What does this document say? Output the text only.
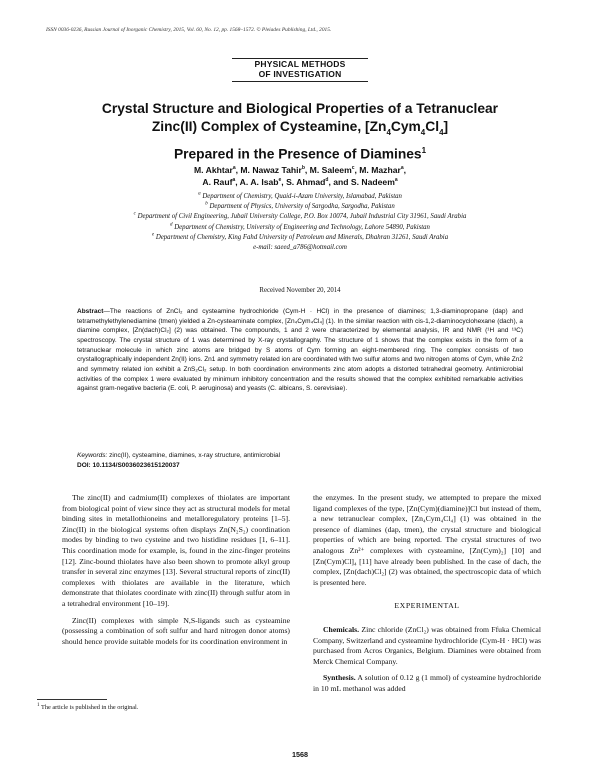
ISSN 0036-0236, Russian Journal of Inorganic Chemistry, 2015, Vol. 60, No. 12, pp. 1568–1572. © Pleiades Publishing, Ltd., 2015.
PHYSICAL METHODS
OF INVESTIGATION
Crystal Structure and Biological Properties of a Tetranuclear
Zinc(II) Complex of Cysteamine, $[Zn_4Cym_4Cl_4]$
Prepared in the Presence of Diamines$^1$
M. Akhtar$^a$, M. Nawaz Tahir$^b$, M. Saleem$^c$, M. Mazhar$^a$,
A. Rauf$^a$, A. A. Isab$^e$, S. Ahmad$^d$, and S. Nadeem$^a$
$^a$ Department of Chemistry, Quaid-i-Azam University, Islamabad, Pakistan
$^b$ Department of Physics, University of Sargodha, Sargodha, Pakistan
$^c$ Department of Civil Engineering, Jubail University College, P.O. Box 10074, Jubail Industrial City 31961, Saudi Arabia
$^d$ Department of Chemistry, University of Engineering and Technology, Lahore 54890, Pakistan
$^e$ Department of Chemistry, King Fahd University of Petroleum and Minerals, Dhahran 31261, Saudi Arabia
e-mail: saeed_a786@hotmail.com
Received November 20, 2014
Abstract—The reactions of ZnCl₂ and cysteamine hydrochloride (Cym-H · HCl) in the presence of diamines; 1,3-diaminopropane (dap) and tetramethylethylenediamine (tmen) yielded a Zn-cysteaminate complex, [Zn₄Cym₄Cl₄] (1). In the similar reaction with cis-1,2-diaminocyclohexane (dach), a diamine complex, [Zn(dach)Cl₂] (2) was obtained. The compounds, 1 and 2 were characterized by elemental analysis, IR and NMR (¹H and ¹³C) spectroscopy. The crystal structure of 1 was determined by X-ray crystallography. The structure of 1 shows that the complex exists in the form of a tetranuclear molecule in which zinc atoms are bridged by S atoms of Cym forming an eight-membered ring. The complex consists of two crystallographically independent Zn(II) ions. Zn1 and symmetry related ion are coordinated with two sulfur atoms and two nitrogen atoms of Cym, while Zn2 and symmetry related ion exhibit a ZnS₂Cl₂ setup. In both coordination environments zinc atom adopts a distorted tetrahedral geometry. Antimicrobial activities of the complex 1 were evaluated by minimum inhibitory concentration and the results showed that the complex exhibited remarkable activities against gram-negative bacteria (E. coli, P. aeruginosa) and yeasts (C. albicans, S. cerevisiae).
Keywords: zinc(II), cysteamine, diamines, x-ray structure, antimicrobial
DOI: 10.1134/S0036023615120037

The zinc(II) and cadmium(II) complexes of thiolates are important from biological point of view since they act as structural models for metal binding sites in metallothioneins and metalloregulatory proteins [1–5]. Zinc(II) in the biological systems often displays Zn(N₂S₂) coordination modes by binding to two cysteine and two histidine residues [1, 6–11]. This coordination mode for example, is, found in the zinc-finger proteins [12]. Zinc-bound thiolates have also been shown to promote alkyl group transfer in several zinc enzymes [13]. Several structural reports of zinc(II) complexes with thiolates are available in the literature, which demonstrate that thiolates coordinate with zinc(II) through sulfur atom in a tetrahedral environment [10–19].

Zinc(II) complexes with simple N,S-ligands such as cysteamine (possessing a combination of soft sulfur and hard nitrogen donor atoms) should hence provide suitable models for its coordination environment in

the enzymes. In the present study, we attempted to prepare the mixed ligand complexes of the type, [Zn(Cym)(diamine)]Cl but instead of them, a new tetranuclear complex, [Zn₄Cym₄Cl₄] (1) was obtained in the presence of diamines (dap, tmen), the crystal structure and biological properties of which are being reported. The crystal structures of two analogous Zn²⁺ complexes with cysteamine, [Zn(Cym)₂] [10] and [Zn(Cym)Cl]₄ [11] have already been published. In the case of dach, the complex, [Zn(dach)Cl₂] (2) was obtained, the spectroscopic data of which is presented here.

EXPERIMENTAL

Chemicals. Zinc chloride (ZnCl₂) was obtained from Ffuka Chemical Company, Switzerland and cysteamine hydrochloride (Cym-H · HCl) was purchased from Acros Organics, Belgium. Diamines were obtained from Merck Chemical Company.

Synthesis. A solution of 0.12 g (1 mmol) of cysteamine hydrochloride in 10 mL methanol was added

$^1$ The article is published in the original.
1568
